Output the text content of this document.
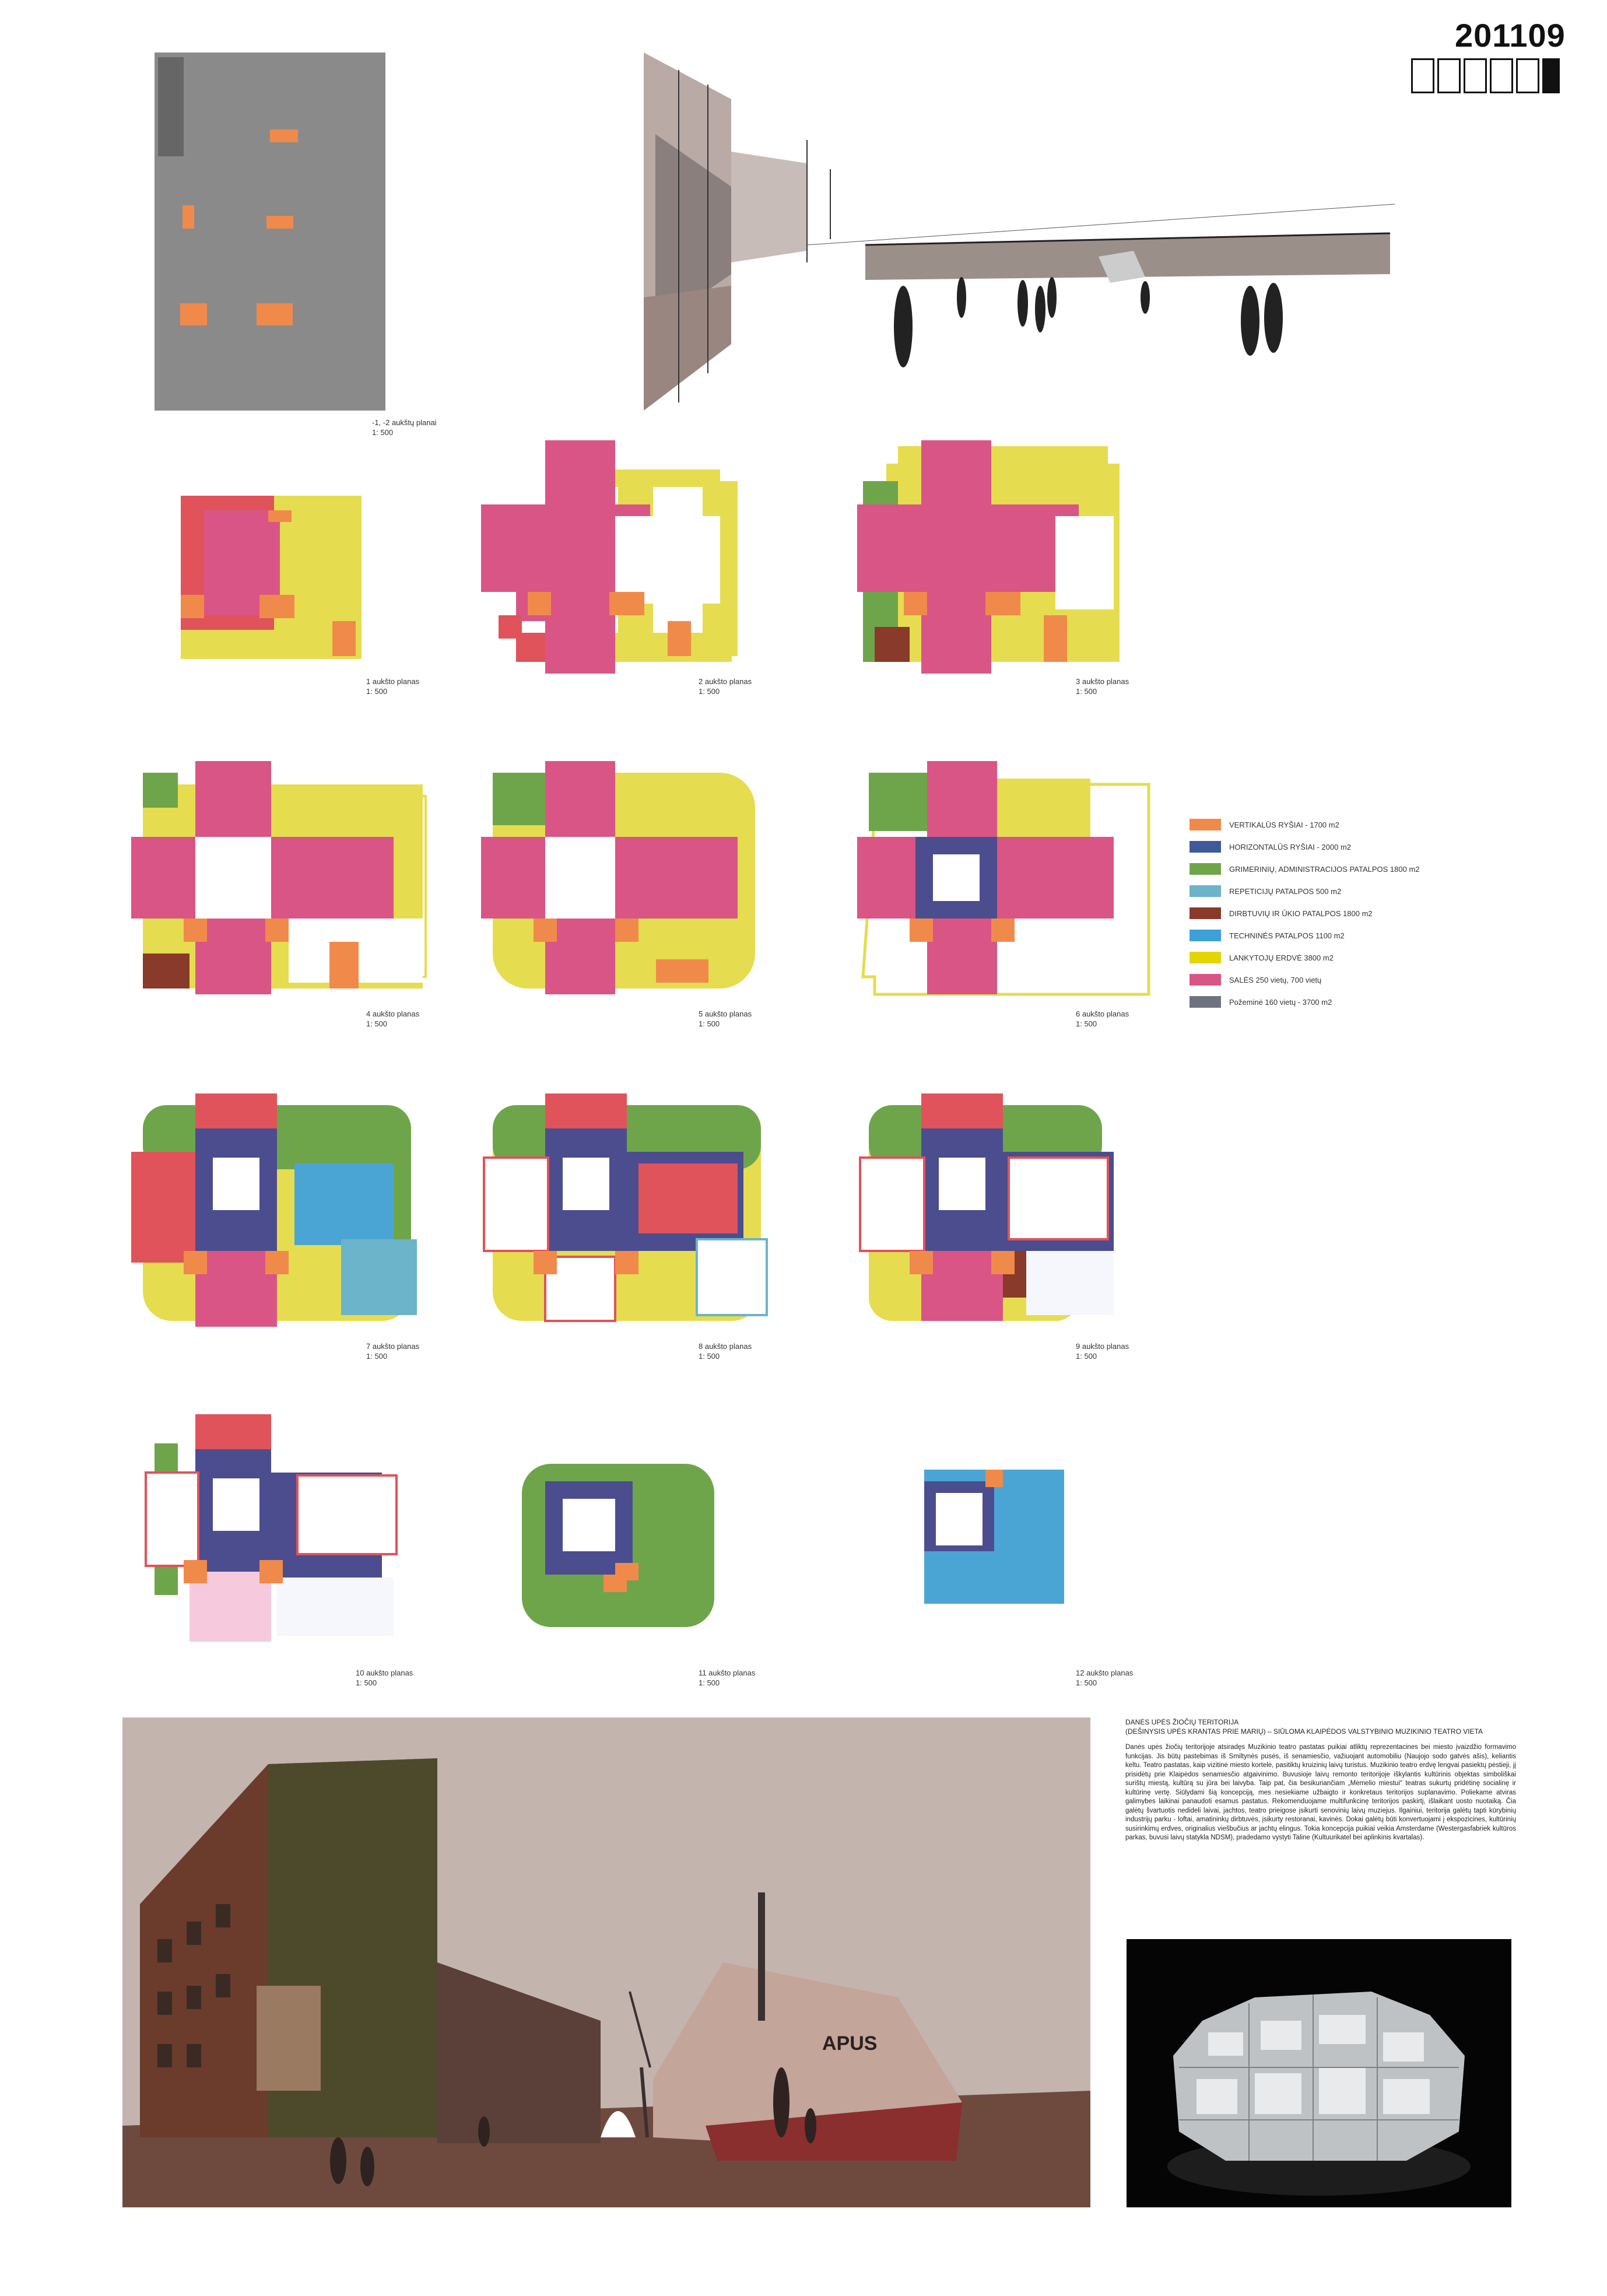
201109
-1, -2 aukštų planai
1: 500
1 aukšto planas
1: 500
2 aukšto planas
1: 500
3 aukšto planas
1: 500
4 aukšto planas
1: 500
5 aukšto planas
1: 500
6 aukšto planas
1: 500
VERTIKALŪS RYŠIAI - 1700 m2
HORIZONTALŪS RYŠIAI - 2000 m2
GRIMERINIŲ, ADMINISTRACIJOS PATALPOS 1800 m2
REPETICIJŲ PATALPOS 500 m2
DIRBTUVIŲ IR ŪKIO PATALPOS 1800 m2
TECHNINĖS PATALPOS 1100 m2
LANKYTOJŲ ERDVĖ 3800 m2
SALĖS 250 vietų, 700 vietų
Požeminė 160 vietų - 3700 m2
7 aukšto planas
1: 500
8 aukšto planas
1: 500
9 aukšto planas
1: 500
10 aukšto planas
1: 500
11 aukšto planas
1: 500
12 aukšto planas
1: 500
APUS
DANĖS UPĖS ŽIOČIŲ TERITORIJA
(DEŠINYSIS UPĖS KRANTAS PRIE MARIŲ) – SIŪLOMA KLAIPĖDOS VALSTYBINIO MUZIKINIO TEATRO VIETA
Danės upės žiočių teritorijoje atsiradęs Muzikinio teatro pastatas puikiai atliktų reprezentacines bei miesto įvaizdžio formavimo funkcijas. Jis būtų pastebimas iš Smiltynės pusės, iš senamiesčio, važiuojant automobiliu (Naujojo sodo gatvės ašis), keliantis keltu. Teatro pastatas, kaip vizitinė miesto kortelė, pasitiktų kruizinių laivų turistus. Muzikinio teatro erdvę lengvai pasiektų pėstieji, jį prisidėtų prie Klaipėdos senamiesčio atgaivinimo. Buvusioje laivų remonto teritorijoje iškylantis kultūrinis objektas simboliškai surištų miestą, kultūrą su jūra bei laivyba. Taip pat, čia besikuriančiam „Mėmelio miestui" teatras sukurtų pridėtinę socialinę ir kultūrinę vertę. Siūlydami šią koncepciją, mes nesiekiame užbaigto ir konkretaus teritorijos suplanavimo. Poliekame atviras galimybes laikinai panaudoti esamus pastatus. Rekomenduojame multifunkcinę teritorijos paskirtį, išlaikant uosto nuotaiką. Čia galėtų švartuotis nedideli laivai, jachtos, teatro prieigose įsikurti senovinių laivų muziejus. Ilgainiui, teritorija galėtų tapti kūrybinių industrijų parku - loftai, amatininkų dirbtuvės, įsikurty restoranai, kavinės. Dokai galėtų būti konvertuojami į ekspozicines, kultūrinių susirinkimų erdves, originalius viešbučius ar jachtų elingus. Tokia koncepcija puikiai veikia Amsterdame (Westergasfabriek kultūros parkas, buvusi laivų statykla NDSM), pradedamo vystyti Taline (Kultuurikatel bei aplinkinis kvartalas).
